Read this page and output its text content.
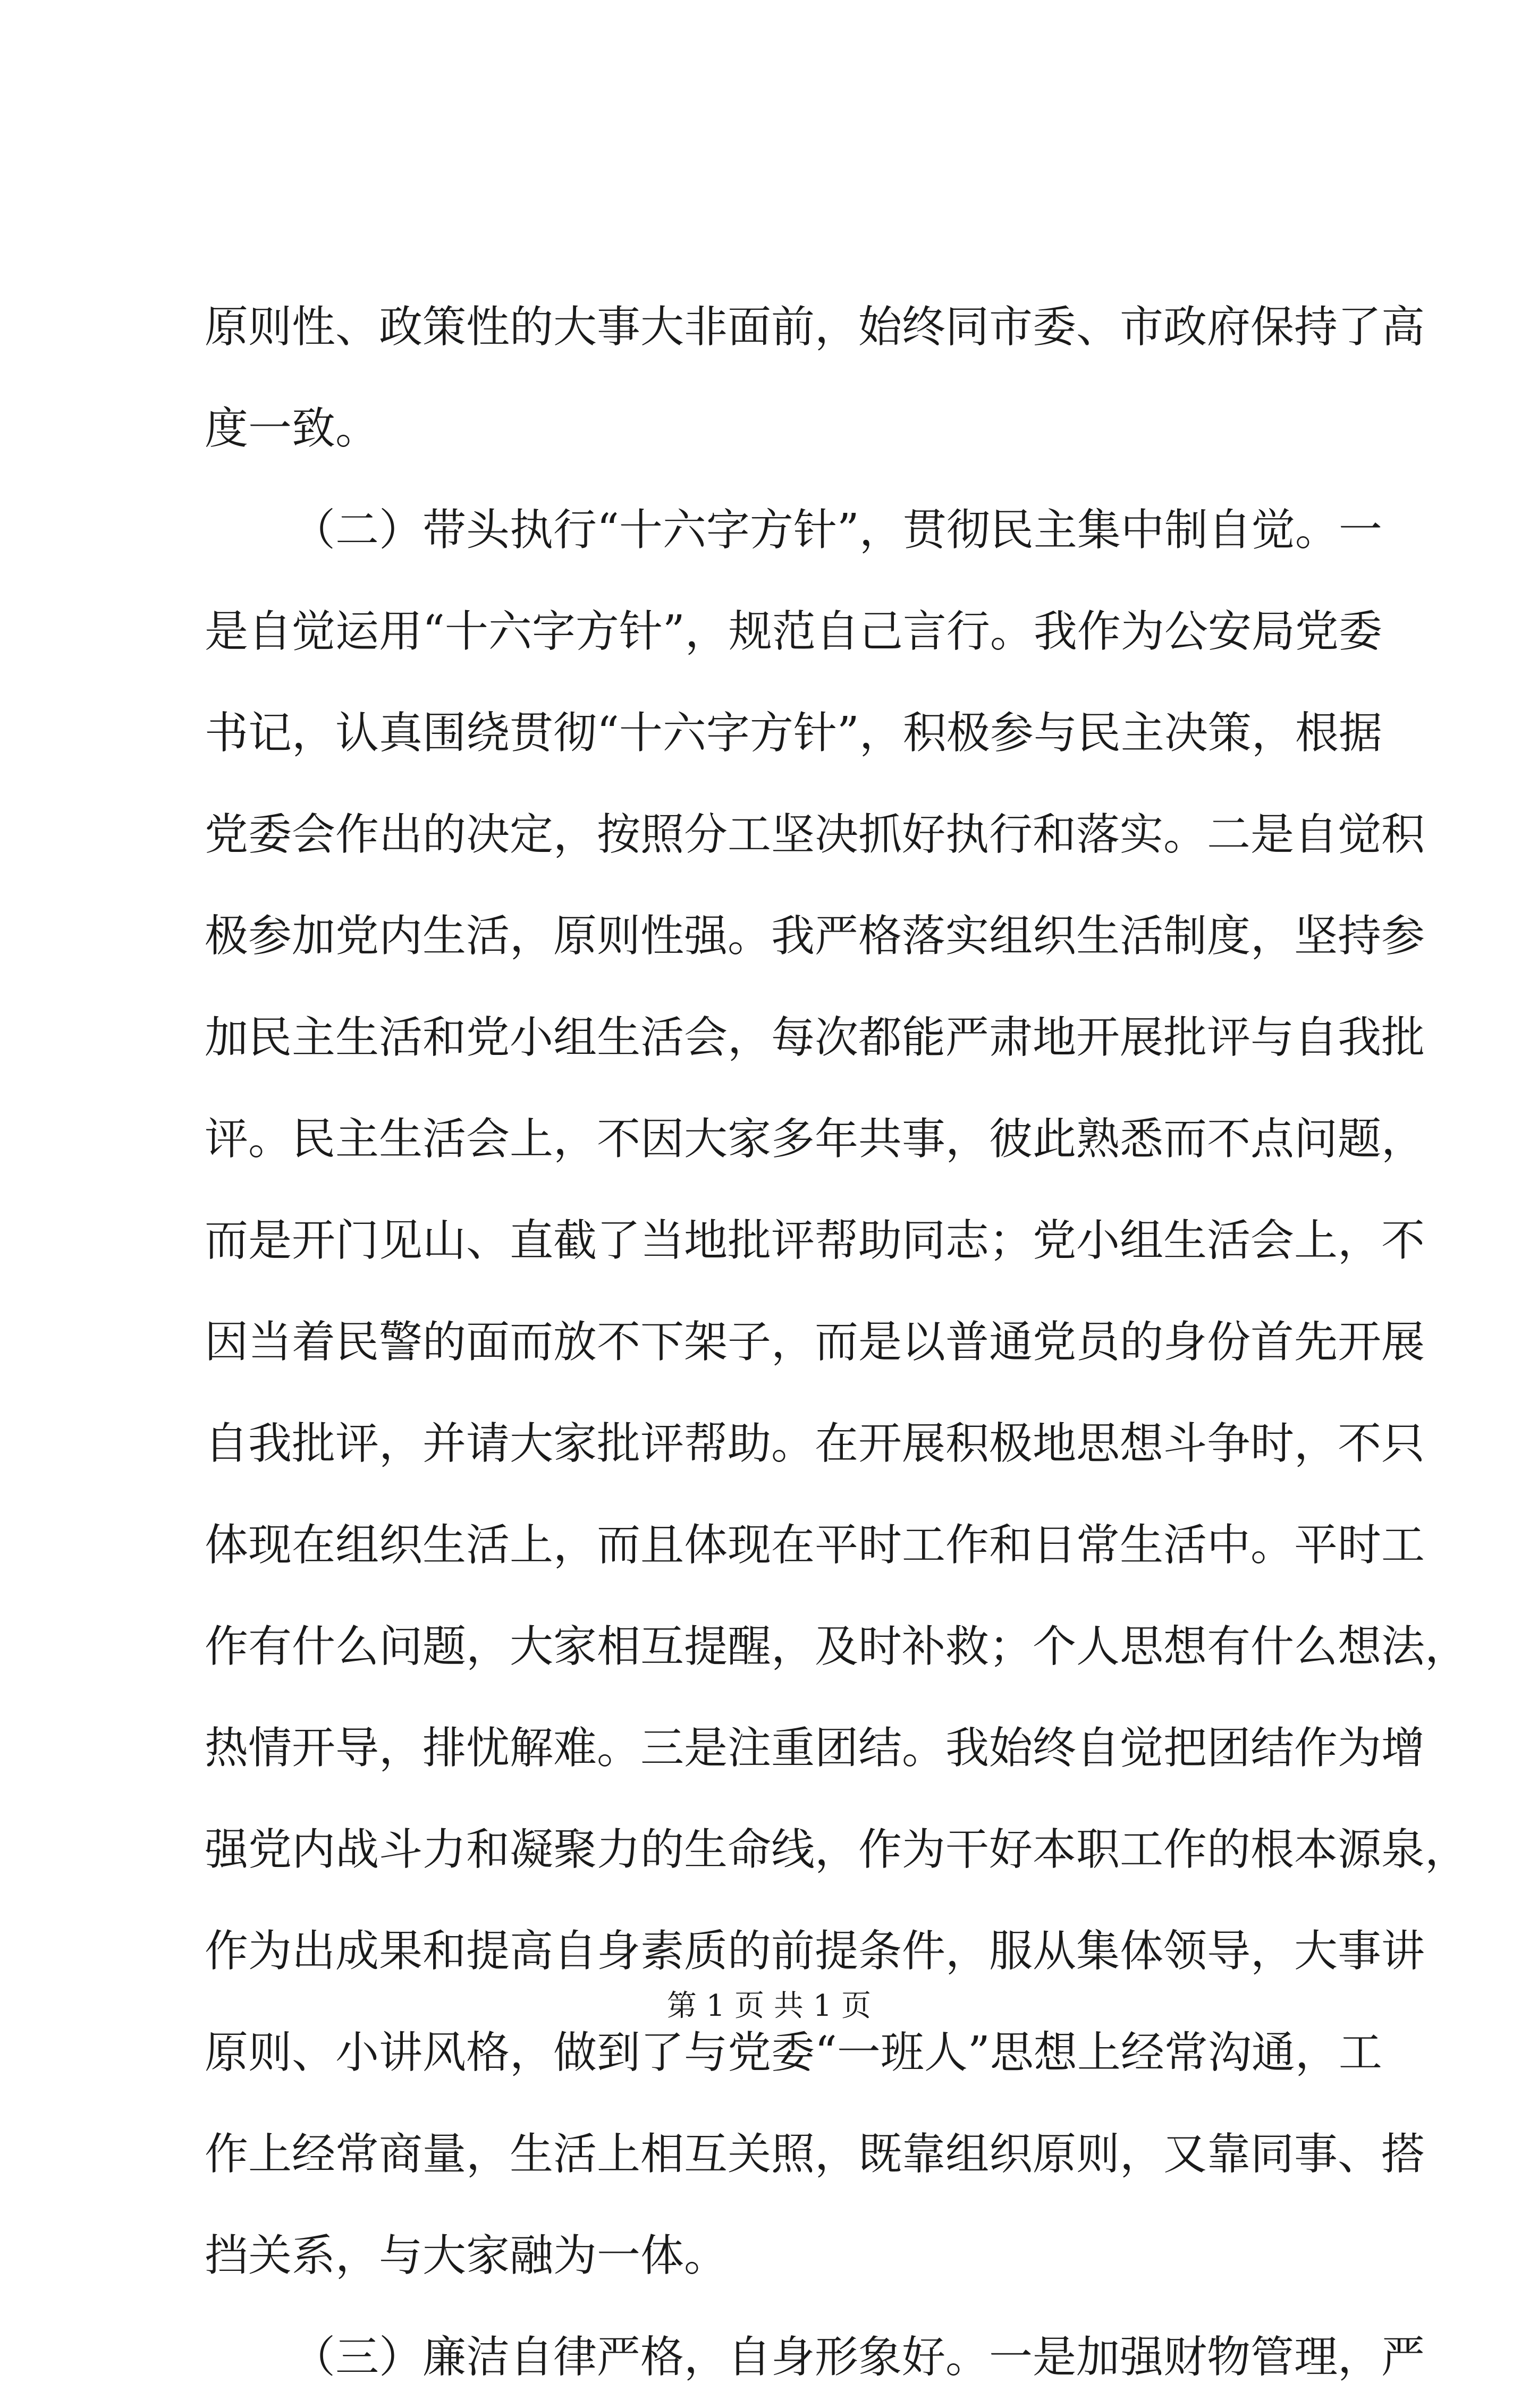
原则性、政策性的大事大非面前，始终同市委、市政府保持了高
度一致。
（二）带头执行“十六字方针”，贯彻民主集中制自觉。一
是自觉运用“十六字方针”，规范自己言行。我作为公安局党委
书记，认真围绕贯彻“十六字方针”，积极参与民主决策，根据
党委会作出的决定，按照分工坚决抓好执行和落实。二是自觉积
极参加党内生活，原则性强。我严格落实组织生活制度，坚持参
加民主生活和党小组生活会，每次都能严肃地开展批评与自我批
评。民主生活会上，不因大家多年共事，彼此熟悉而不点问题，
而是开门见山、直截了当地批评帮助同志；党小组生活会上，不
因当着民警的面而放不下架子，而是以普通党员的身份首先开展
自我批评，并请大家批评帮助。在开展积极地思想斗争时，不只
体现在组织生活上，而且体现在平时工作和日常生活中。平时工
作有什么问题，大家相互提醒，及时补救；个人思想有什么想法，
热情开导，排忧解难。三是注重团结。我始终自觉把团结作为增
强党内战斗力和凝聚力的生命线，作为干好本职工作的根本源泉，
作为出成果和提高自身素质的前提条件，服从集体领导，大事讲
原则、小讲风格，做到了与党委“一班人”思想上经常沟通，工
作上经常商量，生活上相互关照，既靠组织原则，又靠同事、搭
挡关系，与大家融为一体。
（三）廉洁自律严格，自身形象好。一是加强财物管理，严
第 1 页 共 1 页
